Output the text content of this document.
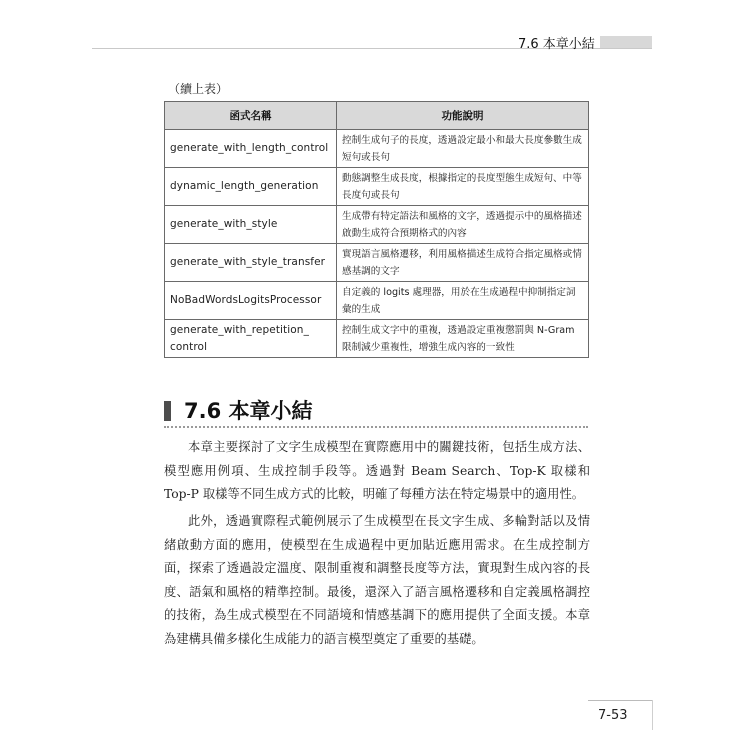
7.6 本章小結
（續上表）
函式名稱	功能說明
generate_with_length_control	控制生成句子的長度，透過設定最小和最大長度參數生成短句或長句
dynamic_length_generation	動態調整生成長度，根據指定的長度型態生成短句、中等長度句或長句
generate_with_style	生成帶有特定語法和風格的文字，透過提示中的風格描述啟動生成符合預期格式的內容
generate_with_style_transfer	實現語言風格遷移，利用風格描述生成符合指定風格或情感基調的文字
NoBadWordsLogitsProcessor	自定義的 logits 處理器，用於在生成過程中抑制指定詞彙的生成
generate_with_repetition_
control	控制生成文字中的重複，透過設定重複懲罰與 N-Gram 限制減少重複性，增強生成內容的一致性
7.6 本章小結

本章主要探討了文字生成模型在實際應用中的關鍵技術，包括生成方法、模型應用例項、生成控制手段等。透過對 Beam Search、Top-K 取樣和 Top-P 取樣等不同生成方式的比較，明確了每種方法在特定場景中的適用性。

此外，透過實際程式範例展示了生成模型在長文字生成、多輪對話以及情緒啟動方面的應用，使模型在生成過程中更加貼近應用需求。在生成控制方面，探索了透過設定溫度、限制重複和調整長度等方法，實現對生成內容的長度、語氣和風格的精準控制。最後，還深入了語言風格遷移和自定義風格調控的技術，為生成式模型在不同語境和情感基調下的應用提供了全面支援。本章為建構具備多樣化生成能力的語言模型奠定了重要的基礎。

7-53
